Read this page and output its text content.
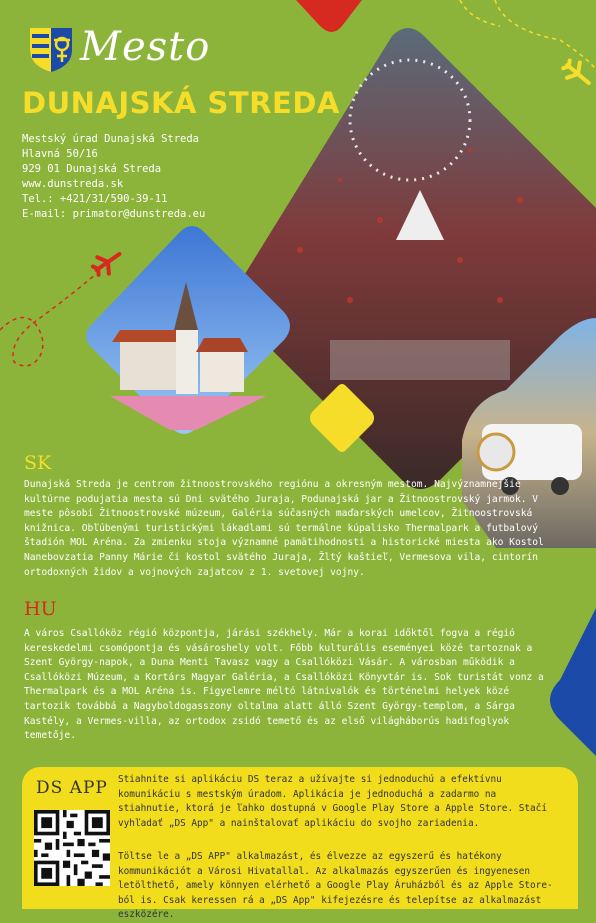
Mesto
DUNAJSKÁ STREDA
Mestský úrad Dunajská Streda
Hlavná 50/16
929 01 Dunajská Streda
www.dunstreda.sk
Tel.: +421/31/590-39-11
E-mail: primator@dunstreda.eu
SK
Dunajská Streda je centrom žitnoostrovského regiónu a okresným mestom. Najvýznamnejšie kultúrne podujatia mesta sú Dni svätého Juraja, Podunajská jar a Žitnoostrovský jarmok. V meste pôsobí Žitnoostrovské múzeum, Galéria súčasných maďarských umelcov, Žitnoostrovská knižnica. Obľúbenými turistickými lákadlami sú termálne kúpalisko Thermalpark a futbalový štadión MOL Aréna. Za zmienku stoja významné pamätihodnosti a historické miesta ako Kostol Nanebovzatia Panny Márie či kostol svätého Juraja, Žltý kaštieľ, Vermesova vila, cintorín ortodoxných židov a vojnových zajatcov z 1. svetovej vojny.
HU
A város Csallóköz régió központja, járási székhely. Már a korai időktől fogva a régió kereskedelmi csomópontja és vásároshely volt. Főbb kulturális eseményei közé tartoznak a Szent György-napok, a Duna Menti Tavasz vagy a Csallóközi Vásár. A városban működik a Csallóközi Múzeum, a Kortárs Magyar Galéria, a Csallóközi Könyvtár is. Sok turistát vonz a Thermalpark és a MOL Aréna is. Figyelemre méltó látnivalók és történelmi helyek közé tartozik továbbá a Nagyboldogasszony oltalma alatt álló Szent György-templom, a Sárga Kastély, a Vermes-villa, az ortodox zsidó temető és az első világháborús hadifoglyok temetője.
DS APP Stiahnite si aplikáciu DS teraz a užívajte si jednoduchú a efektívnu komunikáciu s mestským úradom. Aplikácia je jednoduchá a zadarmo na stiahnutie, ktorá je ľahko dostupná v Google Play Store a Apple Store. Stačí vyhľadať „DS App" a nainštalovať aplikáciu do svojho zariadenia.
Töltse le a „DS APP" alkalmazást, és élvezze az egyszerű és hatékony kommunikációt a Városi Hivatallal. Az alkalmazás egyszerűen és ingyenesen letölthető, amely könnyen elérhető a Google Play Áruházból és az Apple Store-ból is. Csak keressen rá a „DS App" kifejezésre és telepítse az alkalmazást eszközére.
